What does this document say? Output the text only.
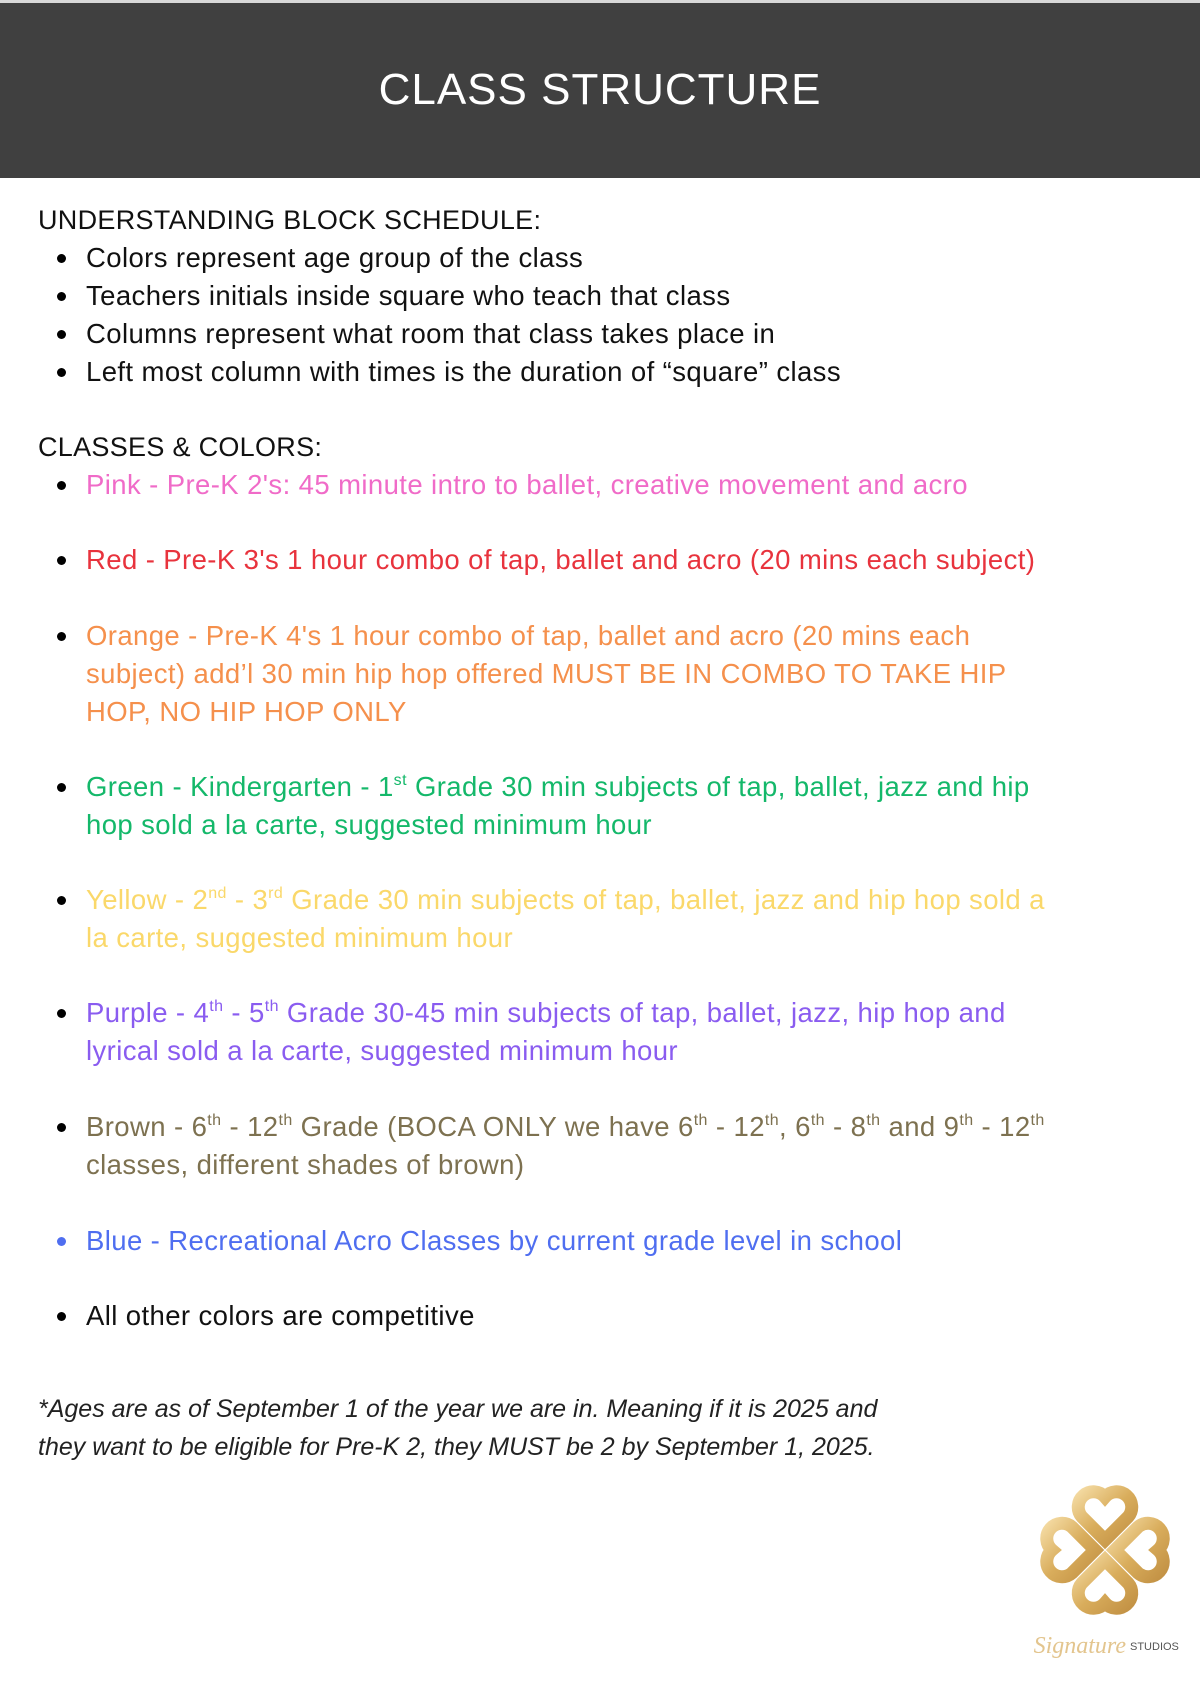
CLASS STRUCTURE
UNDERSTANDING BLOCK SCHEDULE:
Colors represent age group of the class
Teachers initials inside square who teach that class
Columns represent what room that class takes place in
Left most column with times is the duration of “square” class
CLASSES & COLORS:
Pink - Pre-K 2's: 45 minute intro to ballet, creative movement and acro
Red - Pre-K 3's 1 hour combo of tap, ballet and acro (20 mins each subject)
Orange - Pre-K 4's 1 hour combo of tap, ballet and acro (20 mins each
subject) add’l 30 min hip hop offered MUST BE IN COMBO TO TAKE HIP
HOP, NO HIP HOP ONLY
Green - Kindergarten - 1st Grade 30 min subjects of tap, ballet, jazz and hip
hop sold a la carte, suggested minimum hour
Yellow - 2nd - 3rd Grade 30 min subjects of tap, ballet, jazz and hip hop sold a
la carte, suggested minimum hour
Purple - 4th - 5th Grade 30-45 min subjects of tap, ballet, jazz, hip hop and
lyrical sold a la carte, suggested minimum hour
Brown - 6th - 12th Grade (BOCA ONLY we have 6th - 12th, 6th - 8th and 9th - 12th
classes, different shades of brown)
Blue - Recreational Acro Classes by current grade level in school
All other colors are competitive
*Ages are as of September 1 of the year we are in. Meaning if it is 2025 and
they want to be eligible for Pre-K 2, they MUST be 2 by September 1, 2025.
Signature STUDIOS
